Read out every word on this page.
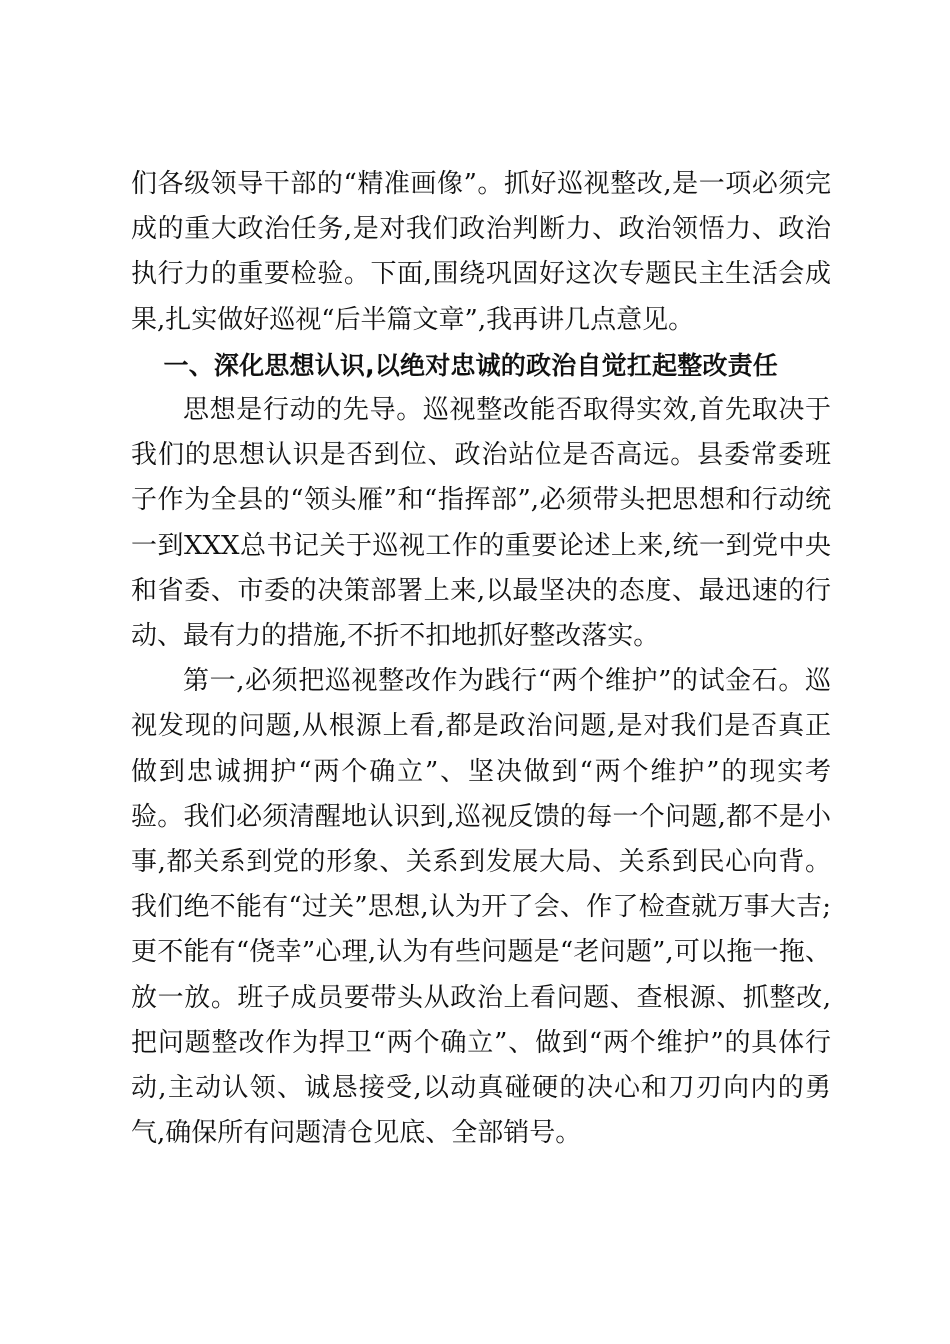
们各级领导干部的“精准画像”。抓好巡视整改,是一项必须完成的重大政治任务,是对我们政治判断力、政治领悟力、政治执行力的重要检验。下面,围绕巩固好这次专题民主生活会成果,扎实做好巡视“后半篇文章”,我再讲几点意见。

一、深化思想认识,以绝对忠诚的政治自觉扛起整改责任

思想是行动的先导。巡视整改能否取得实效,首先取决于我们的思想认识是否到位、政治站位是否高远。县委常委班子作为全县的“领头雁”和“指挥部”,必须带头把思想和行动统一到XXX总书记关于巡视工作的重要论述上来,统一到党中央和省委、市委的决策部署上来,以最坚决的态度、最迅速的行动、最有力的措施,不折不扣地抓好整改落实。

第一,必须把巡视整改作为践行“两个维护”的试金石。巡视发现的问题,从根源上看,都是政治问题,是对我们是否真正做到忠诚拥护“两个确立”、坚决做到“两个维护”的现实考验。我们必须清醒地认识到,巡视反馈的每一个问题,都不是小事,都关系到党的形象、关系到发展大局、关系到民心向背。我们绝不能有“过关”思想,认为开了会、作了检查就万事大吉;更不能有“侥幸”心理,认为有些问题是“老问题”,可以拖一拖、放一放。班子成员要带头从政治上看问题、查根源、抓整改,把问题整改作为捍卫“两个确立”、做到“两个维护”的具体行动,主动认领、诚恳接受,以动真碰硬的决心和刀刃向内的勇气,确保所有问题清仓见底、全部销号。
